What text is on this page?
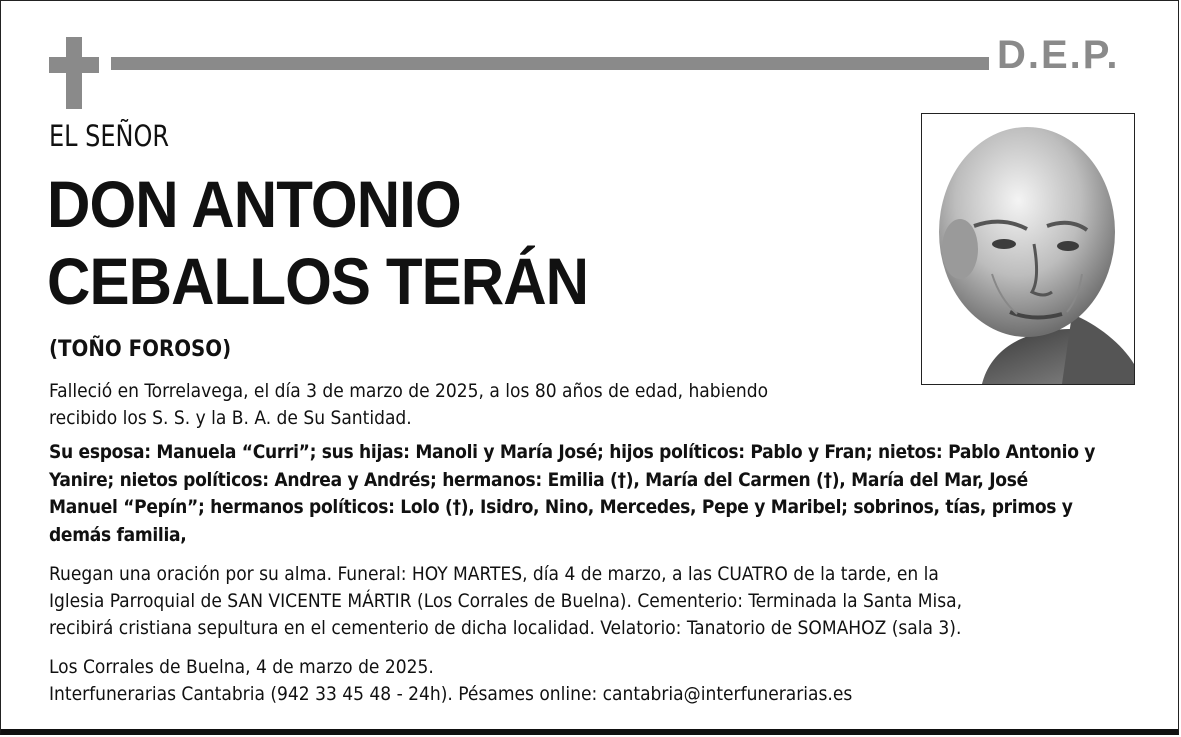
D.E.P.
EL SEÑOR
DON ANTONIO
CEBALLOS TERÁN
(TOÑO FOROSO)
Falleció en Torrelavega, el día 3 de marzo de 2025, a los 80 años de edad, habiendo
recibido los S. S. y la B. A. de Su Santidad.
Su esposa: Manuela “Curri”; sus hijas: Manoli y María José; hijos políticos: Pablo y Fran; nietos: Pablo Antonio y
Yanire; nietos políticos: Andrea y Andrés; hermanos: Emilia (†), María del Carmen (†), María del Mar, José
Manuel “Pepín”; hermanos políticos: Lolo (†), Isidro, Nino, Mercedes, Pepe y Maribel; sobrinos, tías, primos y
demás familia,
Ruegan una oración por su alma. Funeral: HOY MARTES, día 4 de marzo, a las CUATRO de la tarde, en la
Iglesia Parroquial de SAN VICENTE MÁRTIR (Los Corrales de Buelna). Cementerio: Terminada la Santa Misa,
recibirá cristiana sepultura en el cementerio de dicha localidad. Velatorio: Tanatorio de SOMAHOZ (sala 3).
Los Corrales de Buelna, 4 de marzo de 2025.
Interfunerarias Cantabria (942 33 45 48 - 24h). Pésames online: cantabria@interfunerarias.es
